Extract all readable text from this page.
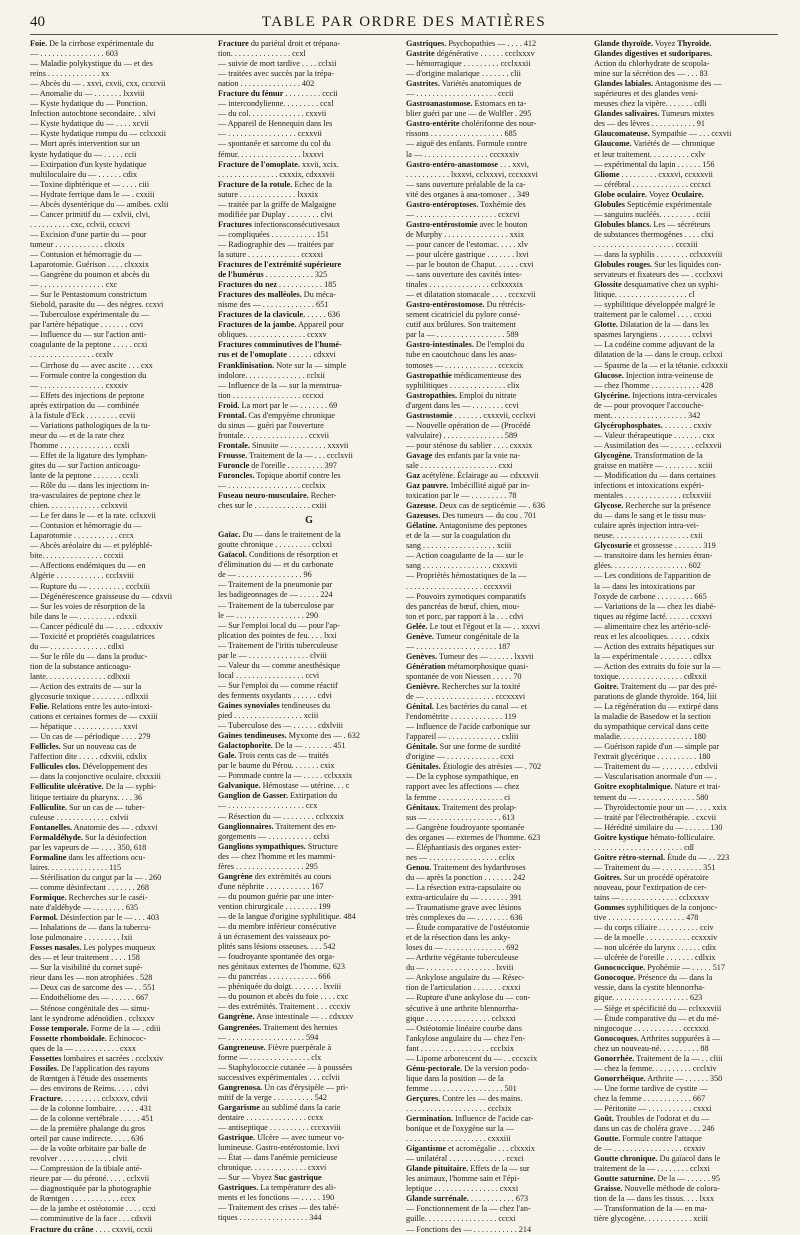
40	TABLE PAR ORDRE DES MATIÈRES
Foie. De la cirrhose expérimentale du
— . . . . . . . . . . . . . . . . 603
— Maladie polykystique du — et des
reins . . . . . . . . . . . . . xx
— Abcès du — . xxvi, cxvii, cxx, ccxcvii
— Anomalie du — . . . . . . . lxxviii
— Kyste hydatique du — Ponction.
Infection autochtone secondaire. . xlvi
— Kyste hydatique du — . . . . xcvii
— Kyste hydatique rompu du — cclxxxii
— Mort après intervention sur un
kyste hydatique du — . . . . . ccii
— Extirpation d'un kyste hydatique
multiloculaire du — . . . . . . cdix
— Toxine diphtérique et — . . . . ciii
— Hydrate ferrique dans le — . cxxiii
— Abcès dysentérique du — amibes. cxlii
— Cancer primitif du — cxlvii, clvi,
. . . . . . . . . . cxc, cclvii, ccxcvi
— Excision d'une partie du — pour
tumeur . . . . . . . . . . . . clxxix
— Contusion et hémorragie du —
Laparotomie. Guérison . . . . clxxxix
— Gangrène du poumon et abcès du
— . . . . . . . . . . . . . . . . cxc
— Sur le Pentastomum constrictum
Siebold, parasite du — des nègres. ccxvi
— Tuberculose expérimentale du —
par l'artère hépatique . . . . . . . ccvi
— Influence du — sur l'action anti-
coagulante de la peptone . . . . . ccxi
. . . . . . . . . . . . . . . . ccxlv
— Cirrhose du — avec ascite . . . cxx
— Formule contre la congestion du
— . . . . . . . . . . . . . . . . cxxxiv
— Effets des injections de peptone
après extirpation du — combinée
à la fistule d'Eck . . . . . . . . ccvii
— Variations pathologiques de la tu-
meur du — et de la rate chez
l'homme . . . . . . . . . . . . . ccxli
— Effet de la ligature des lymphan-
gites du — sur l'action anticoagu-
lante de la peptone . . . . . . . ccxli
— Rôle du — dans les injections in-
tra-vasculaires de peptone chez le
chien. . . . . . . . . . . . . cclxxvii
— Le fer dans le — et la rate. cclxxvii
— Contusion et hémorragie du —
Laparotomie . . . . . . . . . . . cccx
— Abcès aréolaire du — et pyléphlé-
bite. . . . . . . . . . . . . . . cccxii
— Affections endémiques du — en
Algérie . . . . . . . . . . . . ccclxviii
— Rupture du — . . . . . . . . . ccclxiii
— Dégénérescence graisseuse du — cdxvii
— Sur les voies de résorption de la
bile dans le — . . . . . . . . . cdxxii
— Cancer pédiculé du — . . . . . cdxxxiv
— Toxicité et propriétés coagulatrices
du — . . . . . . . . . . . . . . cdlxi
— Sur le rôle du — dans la produc-
tion de la substance anticoagu-
lante. . . . . . . . . . . . . . . cdlxxii
— Action des extraits de — sur la
glycosurie toxique . . . . . . . . cdlxxii
Folie. Relations entre les auto-intoxi-
cations et certaines formes de — cxxiii
— hépatique . . . . . . . . . . . . xxvi
— Un cas de — périodique . . . . 279
Follicles. Sur un nouveau cas de
l'affection dite . . . . . cdxviii, cdxlix
Follicules clos. Développement des
— dans la conjonctive oculaire. clxxxiii
Folliculite ulcérative. De la — syphi-
litique tertiaire du pharynx. . . . 36
Folliculite. Sur un cas de — tuber-
culeuse . . . . . . . . . . . . . cxlvii
Fontanelles. Anatomie des — . cdxxvi
Formaldéhyde. Sur la désinfection
par les vapeurs de — . . . . 350, 618
Formaline dans les affections ocu-
laires. . . . . . . . . . . . . . . 115
— Stérilisation du catgut par la — . 260
— comme désinfectant . . . . . . . 268
Formique. Recherches sur le caséi-
nate d'aldéhyde — . . . . . . . . 635
Formol. Désinfection par le — . . . 403
— Inhalations de — dans la tubercu-
lose pulmonaire . . . . . . . . . lxii
Fosses nasales. Les polypes muqueux
des — et leur traitement . . . . 158
— Sur la visibilité du cornet supé-
rieur dans les — non atrophiées . 528
— Deux cas de sarcome des — . . 551
— Endothéliome des — . . . . . . 667
— Sténose congénitale des — simu-
lant le syndrome adénoïdien . cclxxxv
Fosse temporale. Forme de la — . cdiii
Fossette rhomboïdale. Echinococ-
ques de la — . . . . . . . . . . . cxxx
Fossettes lombaires et sacrées . ccclxxiv
Fossiles. De l'application des rayons
de Rœntgen à l'étude des ossements
— des environs de Reims. . . . . cdvi
Fracture. . . . . . . . . . cclxxxv, cdvii
— de la colonne lombaire. . . . . . 431
— de la colonne vertébrale . . . . . 451
— de la première phalange du gros
orteil par cause indirecte. . . . . 636
— de la voûte orbitaire par balle de
revolver . . . . . . . . . . . . . clvii
— Compression de la tibiale anté-
rieure par — du péroné. . . . . cclxvii
— diagnostiquée par la photographie
de Rœntgen . . . . . . . . . . . . cccx
— de la jambe et ostéotomie . . . . ccxi
— comminutive de la face . . . cdxvii
Fracture du crâne . . . . cxxvii, ccxii
Fracture du pariétal droit et trépana-
tion. . . . . . . . . . . . . . . ccxl
— suivie de mort tardive . . . . cclxii
— traitées avec succès par la trépa-
nation . . . . . . . . . . . . . . . 402
Fracture du fémur . . . . . . . . . cccii
— intercondylienne. . . . . . . . . ccxl
— du col. . . . . . . . . . . . . . cxxvii
— Appareil de Hennequin dans les
— . . . . . . . . . . . . . . . . . ccxxvii
— spontanée et sarcome du col du
fémur. . . . . . . . . . . . . . . . lxxxvi
Fracture de l'omoplate. xxvii, xcix.
. . . . . . . . . . . . . . . cxxxix, cdxxxvii
Fracture de la rotule. Echec de la
suture . . . . . . . . . . . . . . lxxxix
— traitée par la griffe de Malgaigne
modifiée par Duplay . . . . . . . . clvi
Fractures infectionsconsécutivesaux
— compliquées . . . . . . . . . . . 151
— Radiographie des — traitées par
la suture . . . . . . . . . . . . . ccxxxi
Fractures de l'extrémité supérieure
de l'humérus . . . . . . . . . . . . 325
Fractures du nez . . . . . . . . . . . 185
Fractures des malléoles. Du méca-
nisme des — . . . . . . . . . . . . . 651
Fractures de la clavicule. . . . . . 636
Fractures de la jambe. Appareil pour
obliques. . . . . . . . . . . . . . . ccxxv
Fractures comminutives de l'humé-
rus et de l'omoplate . . . . . . cdxxvi
Franklinisation. Note sur la — simple
indolore. . . . . . . . . . . . . . . cclxii
— Influence de la — sur la menstrua-
tion . . . . . . . . . . . . . . . . . cccxxi
Froid. La mort par le — . . . . . . . 69
Frontal. Cas d'empyème chronique
du sinus — guéri par l'ouverture
frontale. . . . . . . . . . . . . . . . ccxvii
Frontale. Sinusite — . . . . . . . . . xxxvii
Frousse. Traitement de la — . . . ccclxvii
Furoncle de l'oreille . . . . . . . . . 397
Furoncles. Topique abortif contre les
— . . . . . . . . . . . . . . . . . . ccclxix
Fuseau neuro-musculaire. Recher-
ches sur le . . . . . . . . . . . . . . cxiii
G
Gaïac. Du — dans le traitement de la
goutte chronique . . . . . . . . . cclxxi
Gaïacol. Conditions de résorption et
d'élimination du — et du carbonate
de — . . . . . . . . . . . . . . . . 96
— Traitement de la pneumonie par
les badigeonnages de — . . . . . 224
— Traitement de la tuberculose par
le — . . . . . . . . . . . . . . . . . 290
— Sur l'emploi local du — pour l'ap-
plication des pointes de feu. . . . lxxi
— Traitement de l'iritis tuberculeuse
par le — . . . . . . . . . . . . . . . clviii
— Valeur du — comme anesthésique
local . . . . . . . . . . . . . . . . . ccvi
— Sur l'emploi du — comme réactif
des ferments oxydants . . . . . . cdvi
Gaines synoviales tendineuses du
pied . . . . . . . . . . . . . . . . . xciii
— Tuberculose des — . . . . . . cdxlviii
Gaines tendineuses. Myxome des — . 632
Galactophorite. De la — . . . . . . . 451
Gale. Trois cents cas de — traités
par le baume du Pérou. . . . . . . cxix
— Pommade contre la — . . . . . cclxxxix
Galvanique. Hémostase — utérine. . . c
Ganglion de Gasser. Extirpation du
— . . . . . . . . . . . . . . . . . . . ccx
— Résection du — . . . . . . . . cclxxxix
Ganglionnaires. Traitement des en-
gorgements — . . . . . . . . . . . cclxi
Ganglions sympathiques. Structure
des — chez l'homme et les mammi-
fères . . . . . . . . . . . . . . . . . 295
Gangrène des extrémités au cours
d'une néphrite . . . . . . . . . . . 167
— du poumon guérie par une inter-
vention chirurgicale . . . . . . . . 199
— de la langue d'origine syphilitique. 484
— du membre inférieur consécutive
à un écrasement des vaisseaux po-
plités sans lésions osseuses. . . . 542
— foudroyante spontanée des orga-
nes génitaux externes de l'homme. 623
— du pancréas . . . . . . . . . . . . 666
— phéniquée du doigt. . . . . . . . lxviii
— du poumon et abcès du foie . . . . cxc
— des extrémités. Traitement . . . cccxiv
Gangrène. Anse intestinale — . . cdxxxv
Gangrenées. Traitement des hernies
— . . . . . . . . . . . . . . . . . . . 594
Gangreneuse. Fièvre puerpérale à
forme — . . . . . . . . . . . . . . . clx
— Staphylococcie cutanée — à poussées
successives expérimentales . . . cclvii
Gangrenosa. Un cas d'érysipèle — pri-
mitif de la verge . . . . . . . . . . 542
Gargarisme au sublimé dans la carie
dentaire . . . . . . . . . . . . . . . ccxx
— antiseptique . . . . . . . . . . cccxxviii
Gastrique. Ulcère — avec tumeur vo-
lumineuse. Gastro-entérostomie. lxvi
— État — dans l'anémie pernicieuse
chronique. . . . . . . . . . . . . . cxxvi
— Sur — Voyez Suc gastrique
Gastriques. La température des ali-
ments et les fonctions — . . . . . 190
— Traitement des crises — des tabé-
tiques . . . . . . . . . . . . . . . . . 344
Gastriques. Psychopathies — . . . . 412
Gastrite dégénérative . . . . . . ccclxxxv
— hémorragique . . . . . . . . . ccclxxxii
— d'origine malarique . . . . . . . clii
Gastrites. Variétés anatomiques de
— . . . . . . . . . . . . . . . . . . . . cccii
Gastroanastomose. Estomacs en ta-
blier guéri par une — de Wolfler . 295
Gastro-entérite cholériforme des nour-
rissons . . . . . . . . . . . . . . . . . . 685
— aiguë des enfants. Formule contre
la — . . . . . . . . . . . . . . . . cccxxxiv
Gastro-entéro-anastomose . . . xxvi,
. . . . . . . . . . . lxxxvi, cclxxxvi, cccxxxvi
— sans ouverture préalable de la ca-
vité des organes à ana-tomoser . . 349
Gastro-entéroptoses. Toxhémie des
— . . . . . . . . . . . . . . . . . . . . ccxcvi
Gastro-entérostomie avec le bouton
de Murphy . . . . . . . . . . . . . . . . xxix
— pour cancer de l'estomac. . . . . xlv
— pour ulcère gastrique . . . . . . . lxvi
— par le bouton de Chaput. . . . . . cxvi
— sans ouverture des cavités intes-
tinales . . . . . . . . . . . . . . . cclxxxxix
— et dilatation stomacale . . . . cccxcvii
Gastro-entérostomose. Du rétrécis-
sement cicatriciel du pylore consé-
cutif aux brûlures. Son traitement
par la — . . . . . . . . . . . . . . . . . 589
Gastro-intestinales. De l'emploi du
tube en caoutchouc dans les anas-
tomoses — . . . . . . . . . . . . . cccxcix
Gastropathie médicamenteuse des
syphilitiques . . . . . . . . . . . . . . clix
Gastropathies. Emploi du nitrate
d'argent dans les — . . . . . . . . ccvi
Gastrostomie . . . . . . . cxxxvii, ccclxvi
— Nouvelle opération de — (Procédé
valvulaire) . . . . . . . . . . . . . . . 589
— pour sténose du sablier . . . . cxxxix
Gavage des enfants par la voie na-
sale . . . . . . . . . . . . . . . . . . . cxxi
Gaz acétylène. Éclairage au — cdxxxvii
Gaz pauvre. Imbécillité aiguë par in-
toxication par le — . . . . . . . . . 78
Gazeuse. Deux cas de septicémie — . 636
Gazeuses. Des tumeurs — du cou . 701
Gélatine. Antagonisme des peptones
et de la — sur la coagulation du
sang . . . . . . . . . . . . . . . . . . xciii
— Action coagulante de la — sur le
sang . . . . . . . . . . . . . . . . . cxxxvii
— Propriétés hémostatiques de la —
. . . . . . . . . . . . . . . . . . . cccxxvii
— Pouvoirs zymotiques comparatifs
des pancréas de bœuf, chien, mou-
ton et porc, par rapport à la . . . cdvi
Gelée. Le tout et l'égout et la — . . xxxvi
Genève. Tumeur congénitale de la
— . . . . . . . . . . . . . . . . . . . . 187
Genèves. Tumeur des — . . . . . . lxxvii
Génération métamorphosique quasi-
spontanée de von Niessen . . . . . 70
Genièvre. Recherches sur la toxité
de — . . . . . . . . . . . . . . . . . cccxxxvi
Génital. Les bactéries du canal — et
l'endométrite . . . . . . . . . . . . . 119
— Influence de l'acide carbonique sur
l'appareil — . . . . . . . . . . . . . cxliii
Génitale. Sur une forme de surdité
d'origine — . . . . . . . . . . . . . ccxi
Génitales. Étiologie des atrésies — . 702
— De la cyphose sympathique, en
rapport avec les affections — chez
la femme . . . . . . . . . . . . . . . . ci
Génitaux. Traitement des prolap-
sus — . . . . . . . . . . . . . . . . . . 613
— Gangrène foudroyante spontanée
des organes — externes de l'homme. 623
— Éléphantiasis des organes exter-
nes — . . . . . . . . . . . . . . . . . cclix
Genou. Traitement des hydarthroses
du — après la ponction . . . . . . . 242
— La résection extra-capsulaire ou
extra-articulaire du — . . . . . . . 391
— Traumatisme grave avec lésions
très complexes du — . . . . . . . . 636
— Étude comparative de l'ostéotomie
et de la résection dans les anky-
loses du — . . . . . . . . . . . . . . . 692
— Arthrite végétante tuberculeuse
du — . . . . . . . . . . . . . . . . . lxviii
— Ankylose angulaire du — Résec-
tion de l'articulation . . . . . . . cxxxi
— Rupture d'une ankylose du — con-
sécutive à une arthrite blennorrha-
gique . . . . . . . . . . . . . . . . cclxxxi
— Ostéotomie linéaire courbe dans
l'ankylose angulaire du — chez l'en-
fant . . . . . . . . . . . . . . . . . ccclxix
— Lipome arborescent du — . . cccxcix
Génu-pectorale. De la version podo-
lique dans la position — de la
femme . . . . . . . . . . . . . . . . . . 501
Gerçures. Contre les — des mains.
. . . . . . . . . . . . . . . . . . . . ccclxix
Germination. Influence de l'acide car-
bonique et de l'oxygène sur la —
. . . . . . . . . . . . . . . . . . . . cxxxiii
Gigantisme et acromégalie . . . clxxxix
— unilatéral . . . . . . . . . . . . . . ccxci
Glande pituitaire. Effets de la — sur
les animaux, l'homme sain et l'épi-
leptique . . . . . . . . . . . . . . . . cxxxi
Glande surrénale. . . . . . . . . . . . 673
— Fonctionnement de la — chez l'an-
guille. . . . . . . . . . . . . . . . . . cccxi
— Fonctions des — . . . . . . . . . . . 214
Glande thyroïde. Voyez Thyroïde.
Glandes digestives et sudoripares.
Action du chlorhydrate de scopola-
mine sur la sécrétion des — . . . 83
Glandes labiales. Antagonisme des —
supérieures et des glandes veni-
meuses chez la vipère. . . . . . . cdli
Glandes salivaires. Tumeurs mixtes
des — des lèvres . . . . . . . . . . . 91
Glaucomateuse. Sympathie — . . . ccxvii
Glaucome. Variétés de — chronique
et leur traitement. . . . . . . . . . cxlv
— expérimental du lapin . . . . . . 156
Gliome . . . . . . . . . cxxxvi, ccxxxvii
— cérébral . . . . . . . . . . . . . . cccxci
Globe oculaire. Voyez Oculaire.
Globules Septicémie expérimentale
— sanguins nucléés. . . . . . . . . cciii
Globules blancs. Les — sécréteurs
de substances thermogènes . . . . clxi
. . . . . . . . . . . . . . . . . . . . cccxiii
— dans la syphilis . . . . . . . . cclxxxviii
Globules rouges. Sur les liquides con-
servateurs et fixateurs des — . ccclxxvi
Glossite desquamative chez un syphi-
litique. . . . . . . . . . . . . . . . . . cl
— syphilitique développée malgré le
traitement par le calomel . . . . ccxxi
Glotte. Dilatation de la — dans les
spasmes laryngiens . . . . . . . . cclxvi
— La codéine comme adjuvant de la
dilatation de la — dans le croup. cclxxi
— Spasme de la — et la tétanie. cclxxxii
Glucose. Injection intra-veineuse de
— chez l'homme . . . . . . . . . . . . 428
Glycérine. Injections intra-cervicales
de — pour provoquer l'accouche-
ment. . . . . . . . . . . . . . . . . . . 342
Glycérophosphates. . . . . . . . cxxiv
— Valeur thérapeutique . . . . . . . cxx
— Assimilation des — . . . . . . cclxxvii
Glycogène. Transformation de la
graisse en matière — . . . . . . . . xciii
— Modification du — dans certaines
infections et intoxications expéri-
mentales . . . . . . . . . . . . . . cclxxviii
Glycose. Recherche sur la présence
du — dans le sang et le tissu mus-
culaire après injection intra-vei-
neuse. . . . . . . . . . . . . . . . . . . cxii
Glycosurie et grossesse . . . . . . . 319
— transitoire dans les hernies étran-
glées. . . . . . . . . . . . . . . . . . . 602
— Les conditions de l'apparition de
la — dans les intoxications par
l'oxyde de carbone . . . . . . . . . 665
— Variations de la — chez les diabé-
tiques au régime lacté. . . . . . ccxxvi
— alimentaire chez les artério-sclé-
reux et les alcooliques. . . . . . cdxix
— Action des extraits hépatiques sur
la — expérimentale . . . . . . . . cdlxx
— Action des extraits du foie sur la —
toxique. . . . . . . . . . . . . . . . cdlxxii
Goitre. Traitement du — par des pré-
parations de glande thyroïde. 164, liii
— La régénération du — extirpé dans
la maladie de Basedow et la section
du sympathique cervical dans cette
maladie. . . . . . . . . . . . . . . . . . 180
— Guérison rapide d'un — simple par
l'extrait glycérique . . . . . . . . . . 180
— Traitement du — . . . . . . . . cdxlvii
— Vascularisation anormale d'un — .
Goitre exophtalmique. Nature et trai-
tement du — . . . . . . . . . . . . . . 580
— Thyroïdectomie pour un — . . . . xxix
— traité par l'électrothérapie. . cxcvii
— Hérédité similaire du — . . . . . . 130
Goitre kystique hémato-folliculaire.
. . . . . . . . . . . . . . . . . . . . . . cdl
Goitre rétro-sternal. Étude du — . . 223
— Traitement du — . . . . . . . . . . 351
Goitres. Sur un procédé opératoire
nouveau, pour l'extirpation de cer-
tains — . . . . . . . . . . . . . . cclxxxxv
Gommes syphilitiques de la conjonc-
tive . . . . . . . . . . . . . . . . . . . 478
— du corps ciliaire . . . . . . . . . . cciv
— de la moelle . . . . . . . . . . . ccxxxiv
— non ulcérée du larynx . . . . . . cdix
— ulcérée de l'oreille . . . . . . . cdlxix
Gonococcique. Pyohémie — . . . . . 517
Gonocoque. Présence du — dans la
vessie, dans la cystite blennorrha-
gique. . . . . . . . . . . . . . . . . . . 623
— Siège et spécificité du — cclxxxviii
— Étude comparative du — et du mé-
ningocoque . . . . . . . . . . . . cccxxxi
Gonocoques. Arthrites suppurées à —
chez un nouveau-né. . . . . . . . . . 88
Gonorrhée. Traitement de la — . . cliii
— chez la femme. . . . . . . . . . ccclxiv
Gonorrhéique. Arthrite — . . . . . . 350
— Une forme tardive de cystite —
chez la femme . . . . . . . . . . . . 667
— Péritonite — . . . . . . . . . . . cxxxi
Goût. Troubles de l'odorat et du —
dans un cas de choléra grave . . . 246
Goutte. Formule contre l'attaque
de — . . . . . . . . . . . . . . . . . ccxxiv
Goutte chronique. Du gaïacol dans le
traitement de la — . . . . . . . . cclxxi
Goutte saturnine. De la — . . . . . . 95
Graisse. Nouvelle méthode de colora-
tion de la — dans les tissus. . . . lxxx
— Transformation de la — en ma-
tière glycogène. . . . . . . . . . . . xciii
